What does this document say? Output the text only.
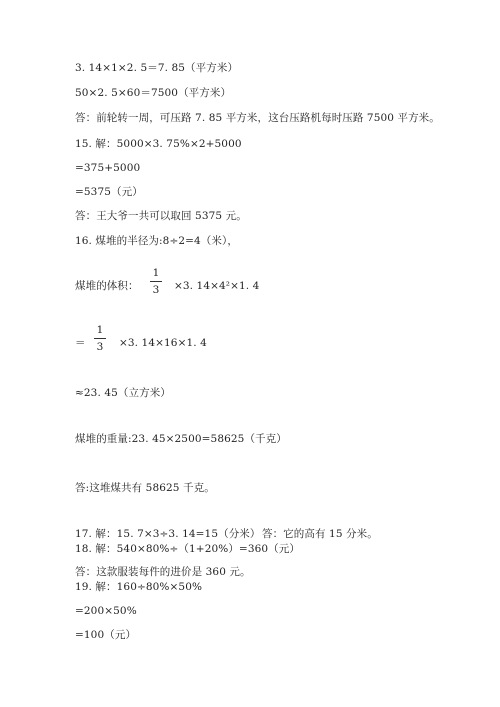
3. 14×1×2. 5＝7. 85（平方米）
50×2. 5×60＝7500（平方米）
答：前轮转一周，可压路 7. 85 平方米，这台压路机每时压路 7500 平方米。
15. 解：5000×3. 75%×2+5000
=375+5000
=5375（元）
答：王大爷一共可以取回 5375 元。
16. 煤堆的半径为:8÷2=4（米），
煤堆的体积：
1
3 ×3. 14×4²×1. 4
＝
1
3 ×3. 14×16×1. 4
≈23. 45（立方米）
煤堆的重量:23. 45×2500=58625（千克）
答:这堆煤共有 58625 千克。
17. 解：15. 7×3÷3. 14=15（分米） 答：它的高有 15 分米。
18. 解：540×80%÷（1+20%）=360（元）
答：这款服装每件的进价是 360 元。
19. 解：160÷80%×50%
=200×50%
=100（元）
